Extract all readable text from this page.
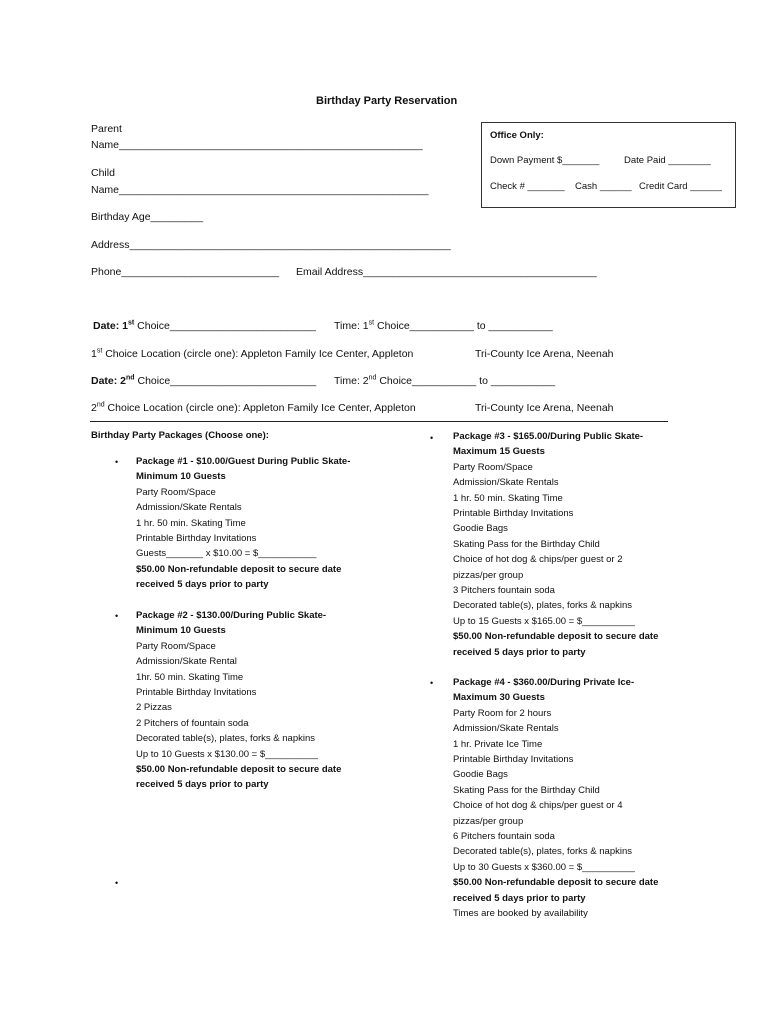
Birthday Party Reservation
Office Only:
Down Payment $_______	Date Paid ________
Check # _______ Cash ______ Credit Card ______
Parent
Name____________________________________________________
Child
Name_____________________________________________________
Birthday Age_________
Address_______________________________________________________
Phone___________________________ Email Address________________________________________
Date: 1st Choice_________________________ Time: 1st Choice___________ to ___________
1st Choice Location (circle one): Appleton Family Ice Center, Appleton	Tri-County Ice Arena, Neenah
Date: 2nd Choice_________________________ Time: 2nd Choice___________ to ___________
2nd Choice Location (circle one): Appleton Family Ice Center, Appleton	Tri-County Ice Arena, Neenah
Birthday Party Packages (Choose one):
• Package #1 - $10.00/Guest During Public Skate-
Minimum 10 Guests
Party Room/Space
Admission/Skate Rentals
1 hr. 50 min. Skating Time
Printable Birthday Invitations
Guests_______ x $10.00 = $___________
$50.00 Non-refundable deposit to secure date
received 5 days prior to party
• Package #2 - $130.00/During Public Skate-
Minimum 10 Guests
Party Room/Space
Admission/Skate Rental
1hr. 50 min. Skating Time
Printable Birthday Invitations
2 Pizzas
2 Pitchers of fountain soda
Decorated table(s), plates, forks & napkins
Up to 10 Guests x $130.00 = $__________
$50.00 Non-refundable deposit to secure date
received 5 days prior to party
•
• Package #3 - $165.00/During Public Skate-
Maximum 15 Guests
Party Room/Space
Admission/Skate Rentals
1 hr. 50 min. Skating Time
Printable Birthday Invitations
Goodie Bags
Skating Pass for the Birthday Child
Choice of hot dog & chips/per guest or 2
pizzas/per group
3 Pitchers fountain soda
Decorated table(s), plates, forks & napkins
Up to 15 Guests x $165.00 = $__________
$50.00 Non-refundable deposit to secure date
received 5 days prior to party
• Package #4 - $360.00/During Private Ice-
Maximum 30 Guests
Party Room for 2 hours
Admission/Skate Rentals
1 hr. Private Ice Time
Printable Birthday Invitations
Goodie Bags
Skating Pass for the Birthday Child
Choice of hot dog & chips/per guest or 4
pizzas/per group
6 Pitchers fountain soda
Decorated table(s), plates, forks & napkins
Up to 30 Guests x $360.00 = $__________
$50.00 Non-refundable deposit to secure date
received 5 days prior to party
Times are booked by availability
